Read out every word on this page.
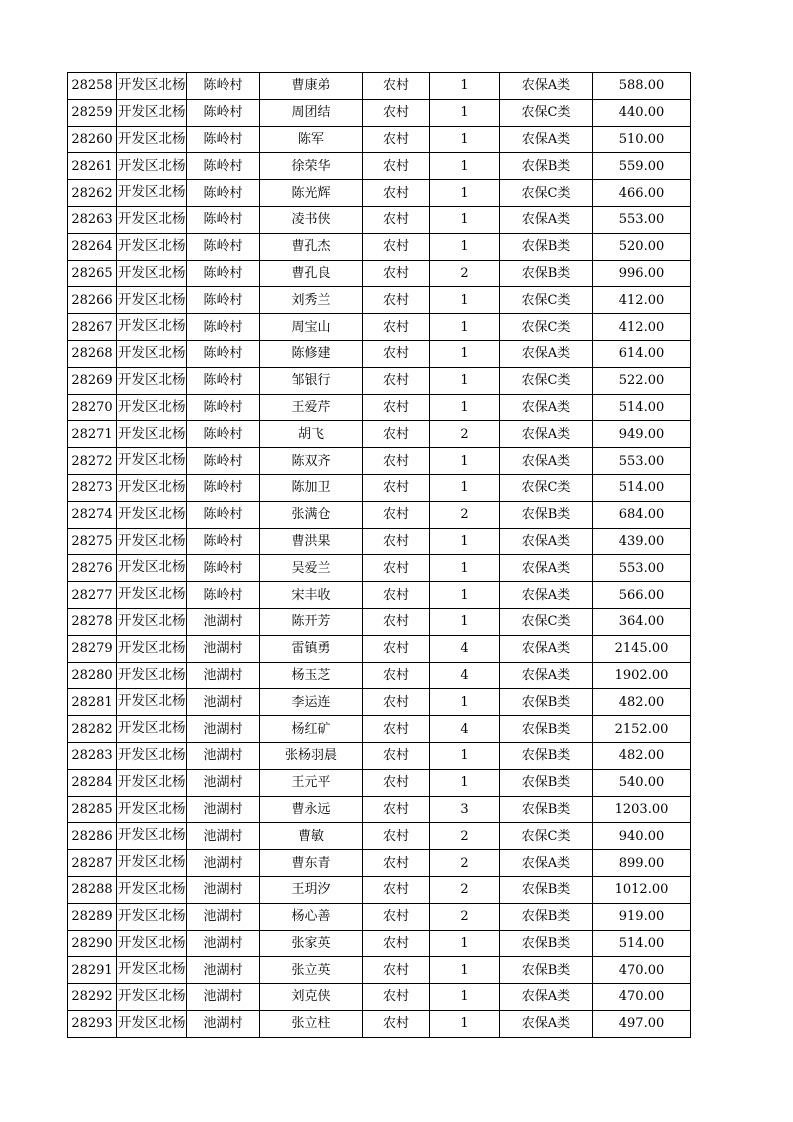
28258	开发区北杨	陈岭村	曹康弟	农村	1	农保A类	588.00
28259	开发区北杨	陈岭村	周团结	农村	1	农保C类	440.00
28260	开发区北杨	陈岭村	陈军	农村	1	农保A类	510.00
28261	开发区北杨	陈岭村	徐荣华	农村	1	农保B类	559.00
28262	开发区北杨	陈岭村	陈光辉	农村	1	农保C类	466.00
28263	开发区北杨	陈岭村	凌书侠	农村	1	农保A类	553.00
28264	开发区北杨	陈岭村	曹孔杰	农村	1	农保B类	520.00
28265	开发区北杨	陈岭村	曹孔良	农村	2	农保B类	996.00
28266	开发区北杨	陈岭村	刘秀兰	农村	1	农保C类	412.00
28267	开发区北杨	陈岭村	周宝山	农村	1	农保C类	412.00
28268	开发区北杨	陈岭村	陈修建	农村	1	农保A类	614.00
28269	开发区北杨	陈岭村	邹银行	农村	1	农保C类	522.00
28270	开发区北杨	陈岭村	王爱芹	农村	1	农保A类	514.00
28271	开发区北杨	陈岭村	胡飞	农村	2	农保A类	949.00
28272	开发区北杨	陈岭村	陈双齐	农村	1	农保A类	553.00
28273	开发区北杨	陈岭村	陈加卫	农村	1	农保C类	514.00
28274	开发区北杨	陈岭村	张满仓	农村	2	农保B类	684.00
28275	开发区北杨	陈岭村	曹洪果	农村	1	农保A类	439.00
28276	开发区北杨	陈岭村	吴爱兰	农村	1	农保A类	553.00
28277	开发区北杨	陈岭村	宋丰收	农村	1	农保A类	566.00
28278	开发区北杨	池湖村	陈开芳	农村	1	农保C类	364.00
28279	开发区北杨	池湖村	雷镇勇	农村	4	农保A类	2145.00
28280	开发区北杨	池湖村	杨玉芝	农村	4	农保A类	1902.00
28281	开发区北杨	池湖村	李运连	农村	1	农保B类	482.00
28282	开发区北杨	池湖村	杨红矿	农村	4	农保B类	2152.00
28283	开发区北杨	池湖村	张杨羽晨	农村	1	农保B类	482.00
28284	开发区北杨	池湖村	王元平	农村	1	农保B类	540.00
28285	开发区北杨	池湖村	曹永远	农村	3	农保B类	1203.00
28286	开发区北杨	池湖村	曹敏	农村	2	农保C类	940.00
28287	开发区北杨	池湖村	曹东青	农村	2	农保A类	899.00
28288	开发区北杨	池湖村	王玥汐	农村	2	农保B类	1012.00
28289	开发区北杨	池湖村	杨心善	农村	2	农保B类	919.00
28290	开发区北杨	池湖村	张家英	农村	1	农保B类	514.00
28291	开发区北杨	池湖村	张立英	农村	1	农保B类	470.00
28292	开发区北杨	池湖村	刘克侠	农村	1	农保A类	470.00
28293	开发区北杨	池湖村	张立柱	农村	1	农保A类	497.00
